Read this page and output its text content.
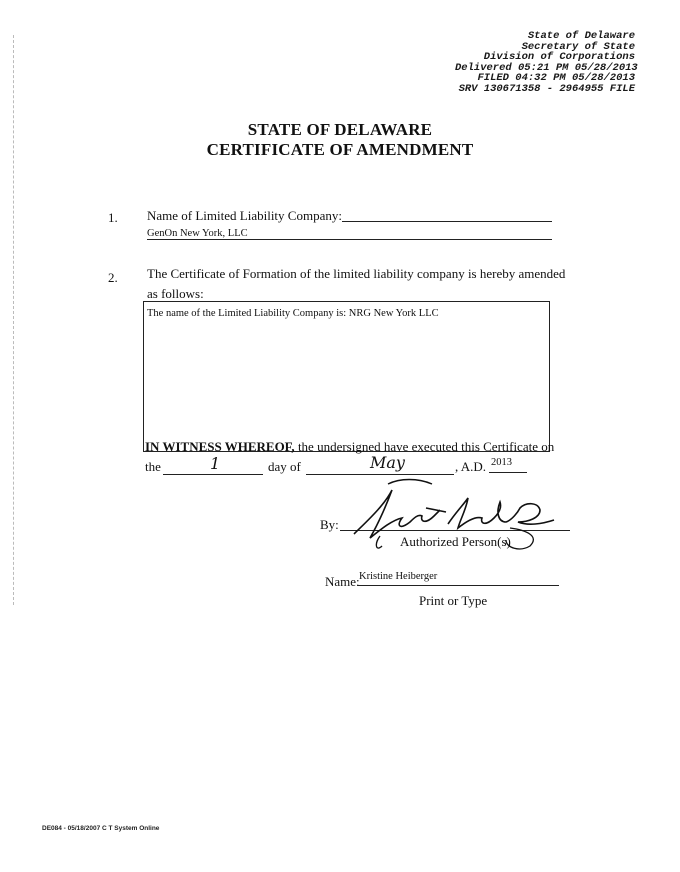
State of Delaware
Secretary of State
Division of Corporations
Delivered 05:21 PM 05/28/2013
FILED 04:32 PM 05/28/2013
SRV 130671358 - 2964955 FILE
STATE OF DELAWARE
CERTIFICATE OF AMENDMENT
1. Name of Limited Liability Company:
GenOn New York, LLC
2. The Certificate of Formation of the limited liability company is hereby amended
as follows:
The name of the Limited Liability Company is: NRG New York LLC
IN WITNESS WHEREOF, the undersigned have executed this Certificate on
the	1	day of	May	, A.D. 2013
By:
Authorized Person(s)
Name: Kristine Heiberger
Print or Type
DE084 - 05/18/2007 C T System Online
